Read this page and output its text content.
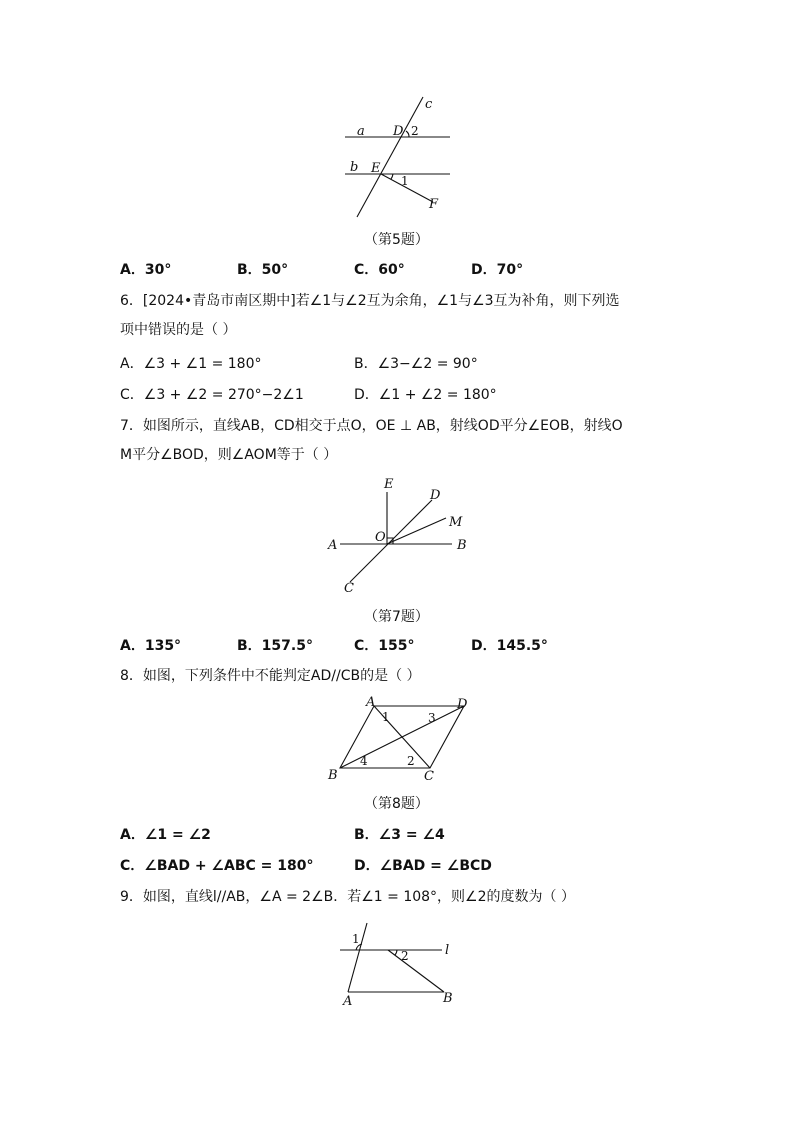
c
a D 2
b E
1
F
（第5题）
A．30°	B．50°	C．60°	D．70°
6．[2024•青岛市南区期中]若∠1与∠2互为余角，∠1与∠3互为补角，则下列选
项中错误的是（ ）
A．∠3 + ∠1 = 180°	B．∠3−∠2 = 90°
C．∠3 + ∠2 = 270°−2∠1	D．∠1 + ∠2 = 180°
7．如图所示，直线AB，CD相交于点O，OE ⊥ AB，射线OD平分∠EOB，射线O
M平分∠BOD，则∠AOM等于（ ）
E
D
M
A
O
B
C
（第7题）
A．135°	B．157.5°	C．155°	D．145.5°
8．如图，下列条件中不能判定AD//CB的是（ ）
A	D
1	3
B	C
4	2
（第8题）
A．∠1 = ∠2	B．∠3 = ∠4
C．∠BAD + ∠ABC = 180°	D．∠BAD = ∠BCD
9．如图，直线l//AB，∠A = 2∠B．若∠1 = 108°，则∠2的度数为（ ）
1
2	l
A	B
